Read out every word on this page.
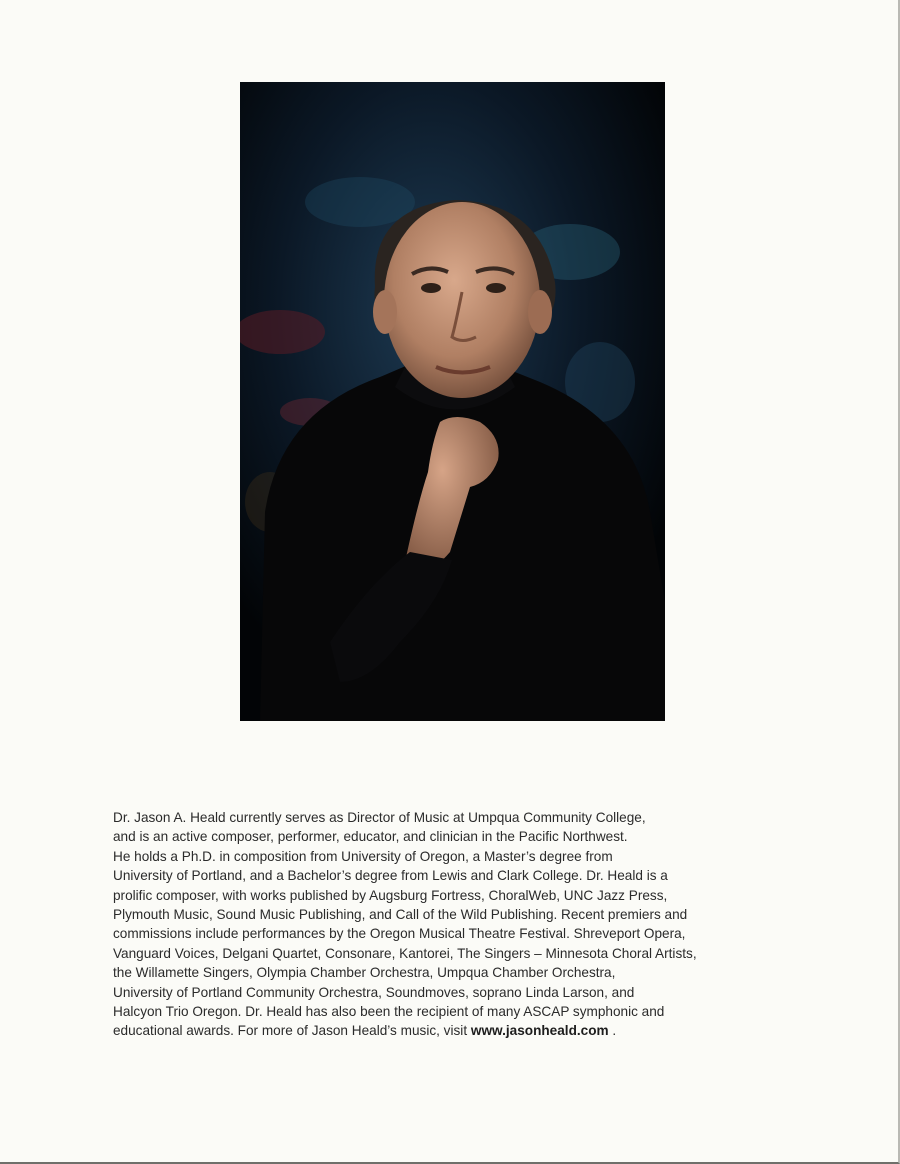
Dr. Jason A. Heald currently serves as Director of Music at Umpqua Community College,
and is an active composer, performer, educator, and clinician in the Pacific Northwest.
He holds a Ph.D. in composition from University of Oregon, a Master’s degree from
University of Portland, and a Bachelor’s degree from Lewis and Clark College. Dr. Heald is a
prolific composer, with works published by Augsburg Fortress, ChoralWeb, UNC Jazz Press,
Plymouth Music, Sound Music Publishing, and Call of the Wild Publishing. Recent premiers and
commissions include performances by the Oregon Musical Theatre Festival. Shreveport Opera,
Vanguard Voices, Delgani Quartet, Consonare, Kantorei, The Singers – Minnesota Choral Artists,
the Willamette Singers, Olympia Chamber Orchestra, Umpqua Chamber Orchestra,
University of Portland Community Orchestra, Soundmoves, soprano Linda Larson, and
Halcyon Trio Oregon. Dr. Heald has also been the recipient of many ASCAP symphonic and
educational awards. For more of Jason Heald’s music, visit www.jasonheald.com .
